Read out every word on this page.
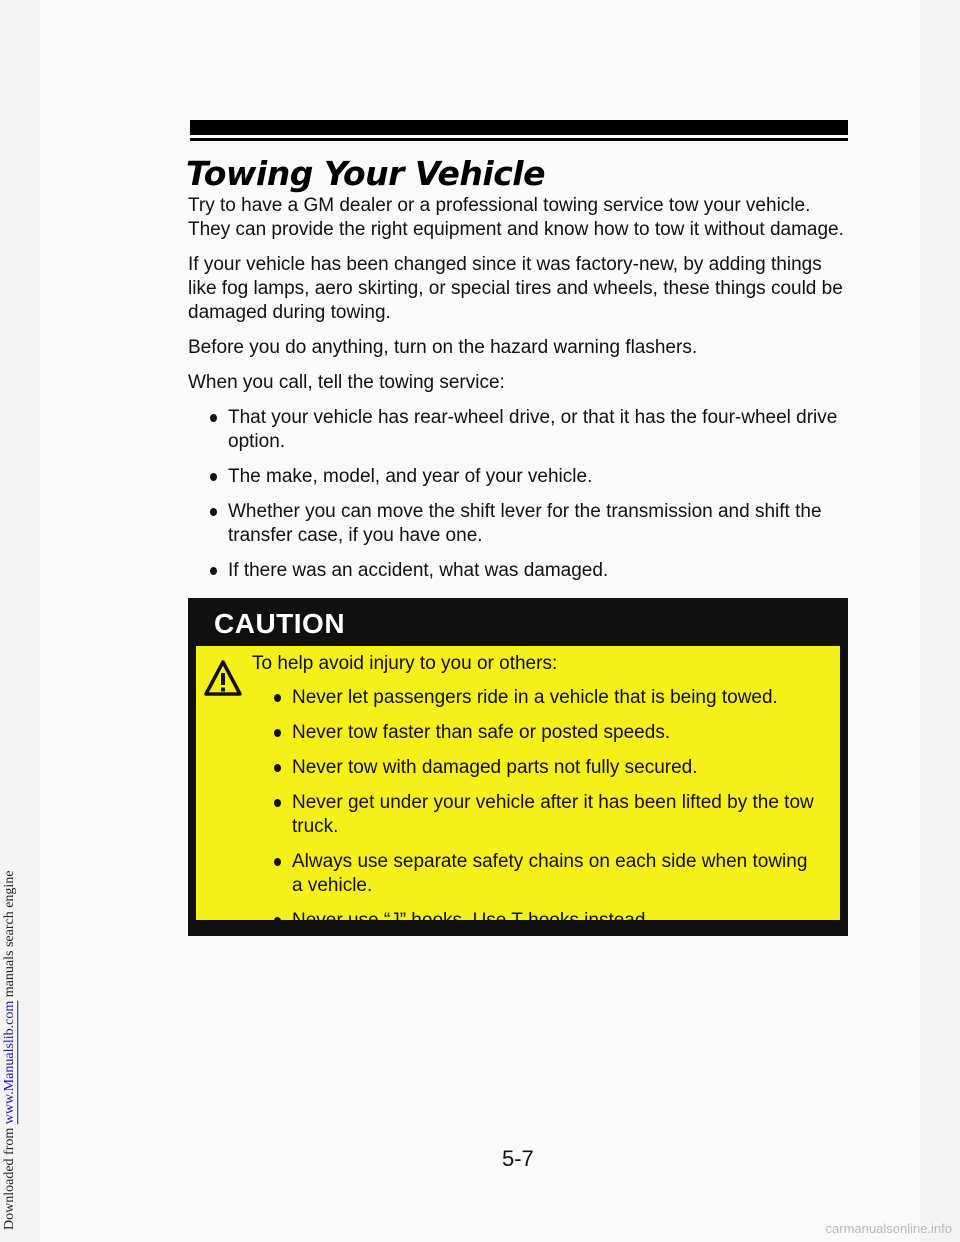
Downloaded from www.Manualslib.com manuals search engine
Towing Your Vehicle

Try to have a GM dealer or a professional towing service tow your vehicle. They can provide the right equipment and know how to tow it without damage.

If your vehicle has been changed since it was factory-new, by adding things like fog lamps, aero skirting, or special tires and wheels, these things could be damaged during towing.

Before you do anything, turn on the hazard warning flashers.

When you call, tell the towing service:

That your vehicle has rear-wheel drive, or that it has the four-wheel drive option.
The make, model, and year of your vehicle.
Whether you can move the shift lever for the transmission and shift the transfer case, if you have one.
If there was an accident, what was damaged.
CAUTION

To help avoid injury to you or others:

Never let passengers ride in a vehicle that is being towed.
Never tow faster than safe or posted speeds.
Never tow with damaged parts not fully secured.
Never get under your vehicle after it has been lifted by the tow truck.
Always use separate safety chains on each side when towing a vehicle.
Never use “J” hooks. Use T-hooks instead.
5-7
carmanualsonline.info
